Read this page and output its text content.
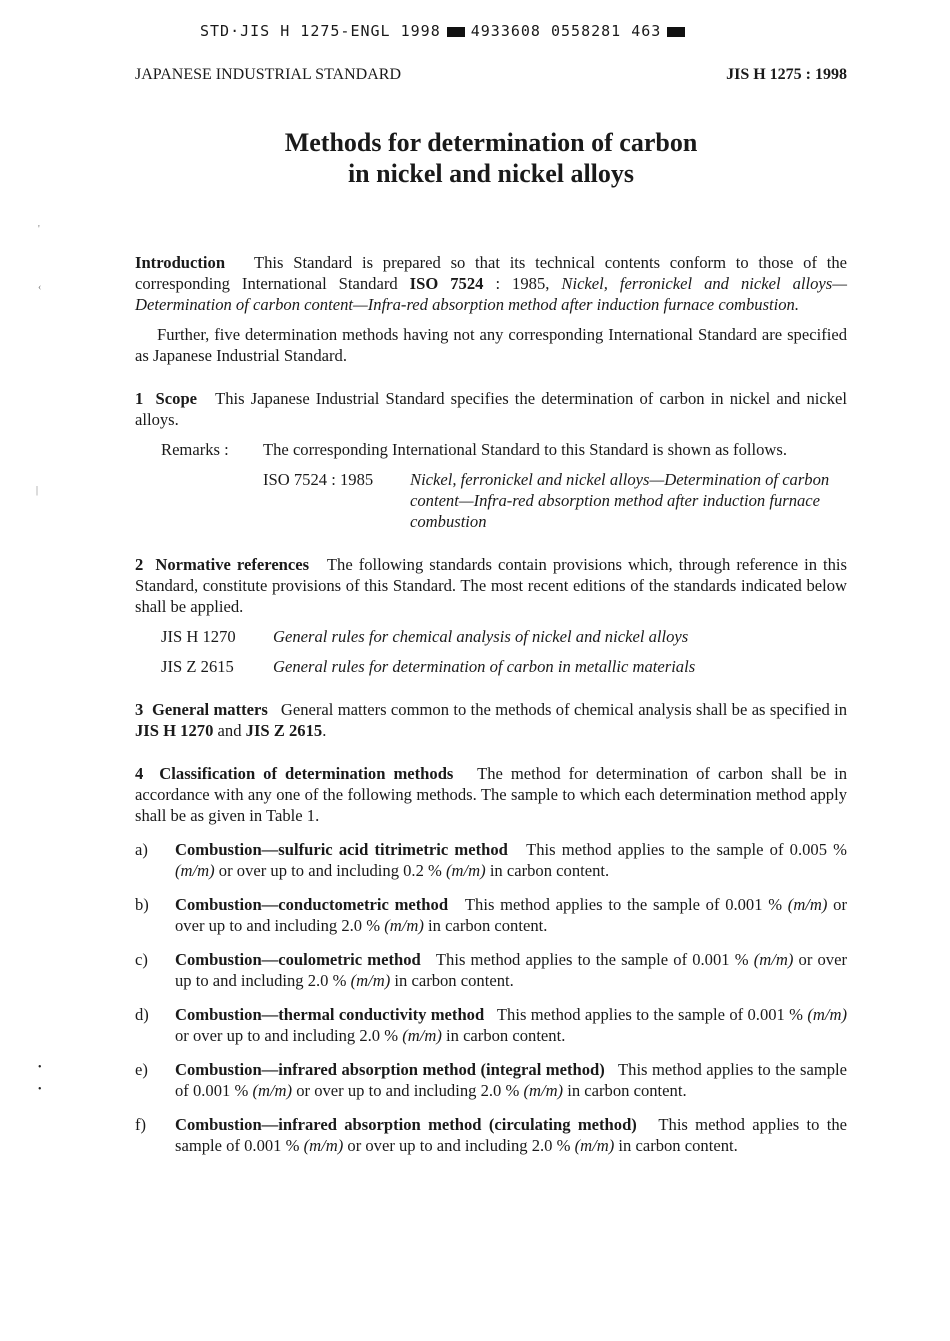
STD·JIS H 1275-ENGL 1998 4933608 0558281 463
'
‹
|
•
•
JAPANESE INDUSTRIAL STANDARD	JIS H 1275 : 1998
Methods for determination of carbon
in nickel and nickel alloys

Introduction This Standard is prepared so that its technical contents conform to those of the corresponding International Standard ISO 7524 : 1985, Nickel, ferronickel and nickel alloys—Determination of carbon content—Infra-red absorption method after induction furnace combustion.

Further, five determination methods having not any corresponding International Standard are specified as Japanese Industrial Standard.

1 Scope This Japanese Industrial Standard specifies the determination of carbon in nickel and nickel alloys.

Remarks :	The corresponding International Standard to this Standard is shown as follows.
ISO 7524 : 1985	Nickel, ferronickel and nickel alloys—Determination of carbon content—Infra-red absorption method after induction furnace combustion

2 Normative references The following standards contain provisions which, through reference in this Standard, constitute provisions of this Standard. The most recent editions of the standards indicated below shall be applied.

JIS H 1270	General rules for chemical analysis of nickel and nickel alloys
JIS Z 2615	General rules for determination of carbon in metallic materials

3 General matters General matters common to the methods of chemical analysis shall be as specified in JIS H 1270 and JIS Z 2615.

4 Classification of determination methods The method for determination of carbon shall be in accordance with any one of the following methods. The sample to which each determination method apply shall be as given in Table 1.

a)	Combustion—sulfuric acid titrimetric method This method applies to the sample of 0.005 % (m/m) or over up to and including 0.2 % (m/m) in carbon content.
b)	Combustion—conductometric method This method applies to the sample of 0.001 % (m/m) or over up to and including 2.0 % (m/m) in carbon content.
c)	Combustion—coulometric method This method applies to the sample of 0.001 % (m/m) or over up to and including 2.0 % (m/m) in carbon content.
d)	Combustion—thermal conductivity method This method applies to the sample of 0.001 % (m/m) or over up to and including 2.0 % (m/m) in carbon content.
e)	Combustion—infrared absorption method (integral method) This method applies to the sample of 0.001 % (m/m) or over up to and including 2.0 % (m/m) in carbon content.
f)	Combustion—infrared absorption method (circulating method) This method applies to the sample of 0.001 % (m/m) or over up to and including 2.0 % (m/m) in carbon content.
